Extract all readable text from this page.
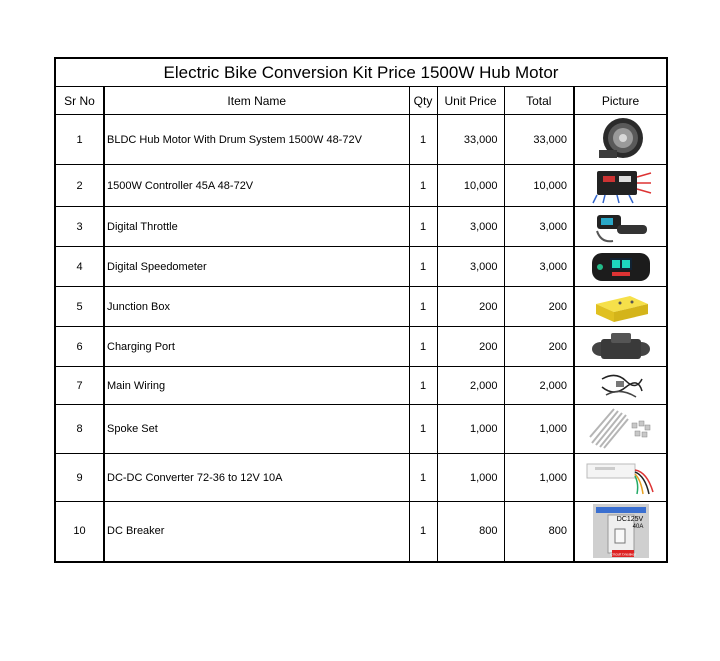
Electric Bike Conversion Kit Price 1500W Hub Motor					
Sr No	Item Name	Qty	Unit Price	Total	Picture
1	BLDC Hub Motor With Drum System 1500W 48-72V	1	33,000	33,000	

2	1500W Controller 45A 48-72V	1	10,000	10,000	

3	Digital Throttle	1	3,000	3,000	

4	Digital Speedometer	1	3,000	3,000	

5	Junction Box	1	200	200	

6	Charging Port	1	200	200	

7	Main Wiring	1	2,000	2,000	

8	Spoke Set	1	1,000	1,000	

9	DC-DC Converter 72-36 to 12V 10A	1	1,000	1,000	

10	DC Breaker	1	800	800	DC125V
40A
Circuit breaker
